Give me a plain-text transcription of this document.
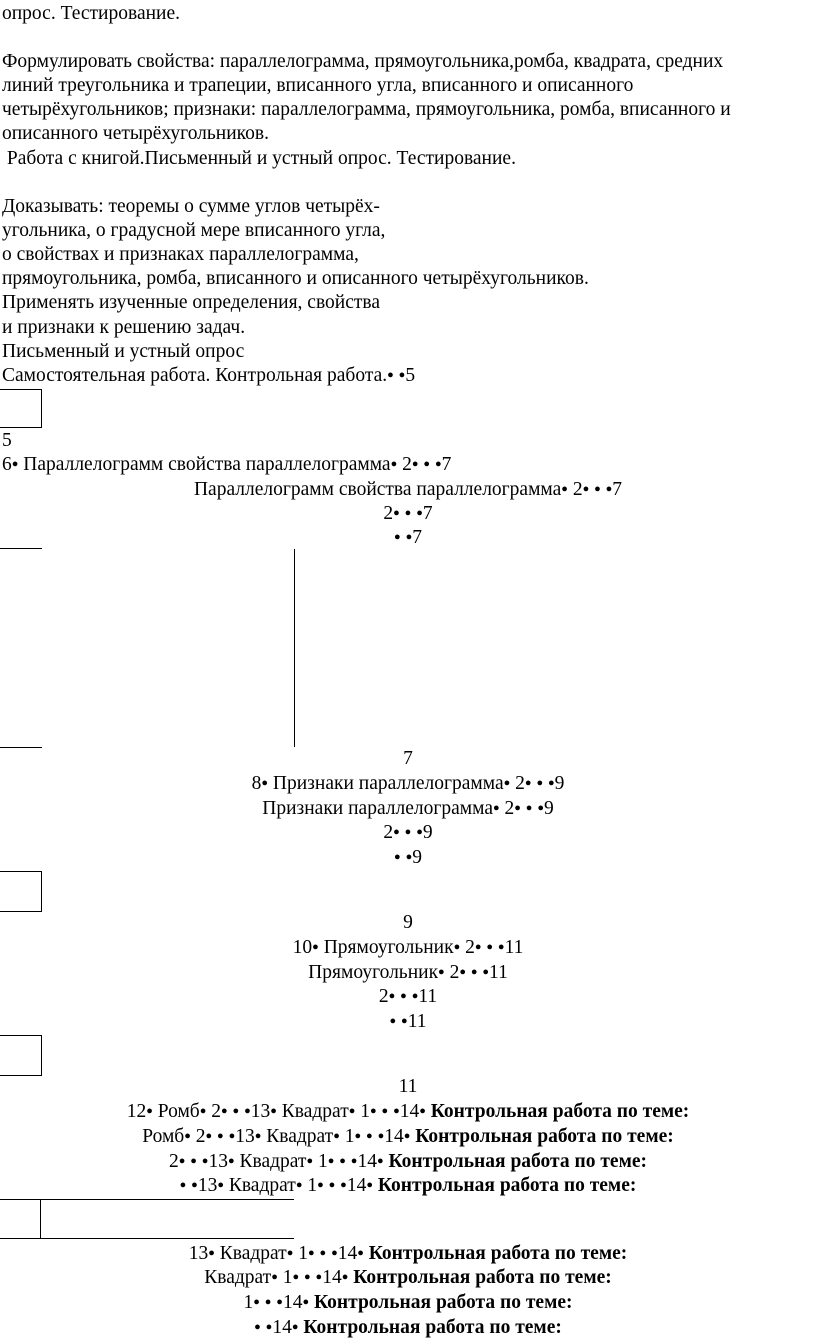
опрос. Тестирование.
Формулировать свойства: параллелограмма, прямоугольника,ромба, квадрата, средних
линий треугольника и трапеции, вписанного угла, вписанного и описанного
четырёхугольников; признаки: параллелограмма, прямоугольника, ромба, вписанного и
описанного четырёхугольников.
Работа с книгой.Письменный и устный опрос. Тестирование.
Доказывать: теоремы о сумме углов четырёх-
угольника, о градусной мере вписанного угла,
о свойствах и признаках параллелограмма,
прямоугольника, ромба, вписанного и описанного четырёхугольников.
Применять изученные определения, свойства
и признаки к решению задач.
Письменный и устный опрос
Самостоятельная работа. Контрольная работа.● ●5
5
6● Параллелограмм свойства параллелограмма● 2● ● ●7
Параллелограмм свойства параллелограмма● 2● ● ●7
2● ● ●7
● ●7
7
8● Признаки параллелограмма● 2● ● ●9
Признаки параллелограмма● 2● ● ●9
2● ● ●9
● ●9
9
10● Прямоугольник● 2● ● ●11
Прямоугольник● 2● ● ●11
2● ● ●11
● ●11
11
12● Ромб● 2● ● ●13● Квадрат● 1● ● ●14● Контрольная работа по теме:
Ромб● 2● ● ●13● Квадрат● 1● ● ●14● Контрольная работа по теме:
2● ● ●13● Квадрат● 1● ● ●14● Контрольная работа по теме:
● ●13● Квадрат● 1● ● ●14● Контрольная работа по теме:
13● Квадрат● 1● ● ●14● Контрольная работа по теме:
Квадрат● 1● ● ●14● Контрольная работа по теме:
1● ● ●14● Контрольная работа по теме:
● ●14● Контрольная работа по теме:
